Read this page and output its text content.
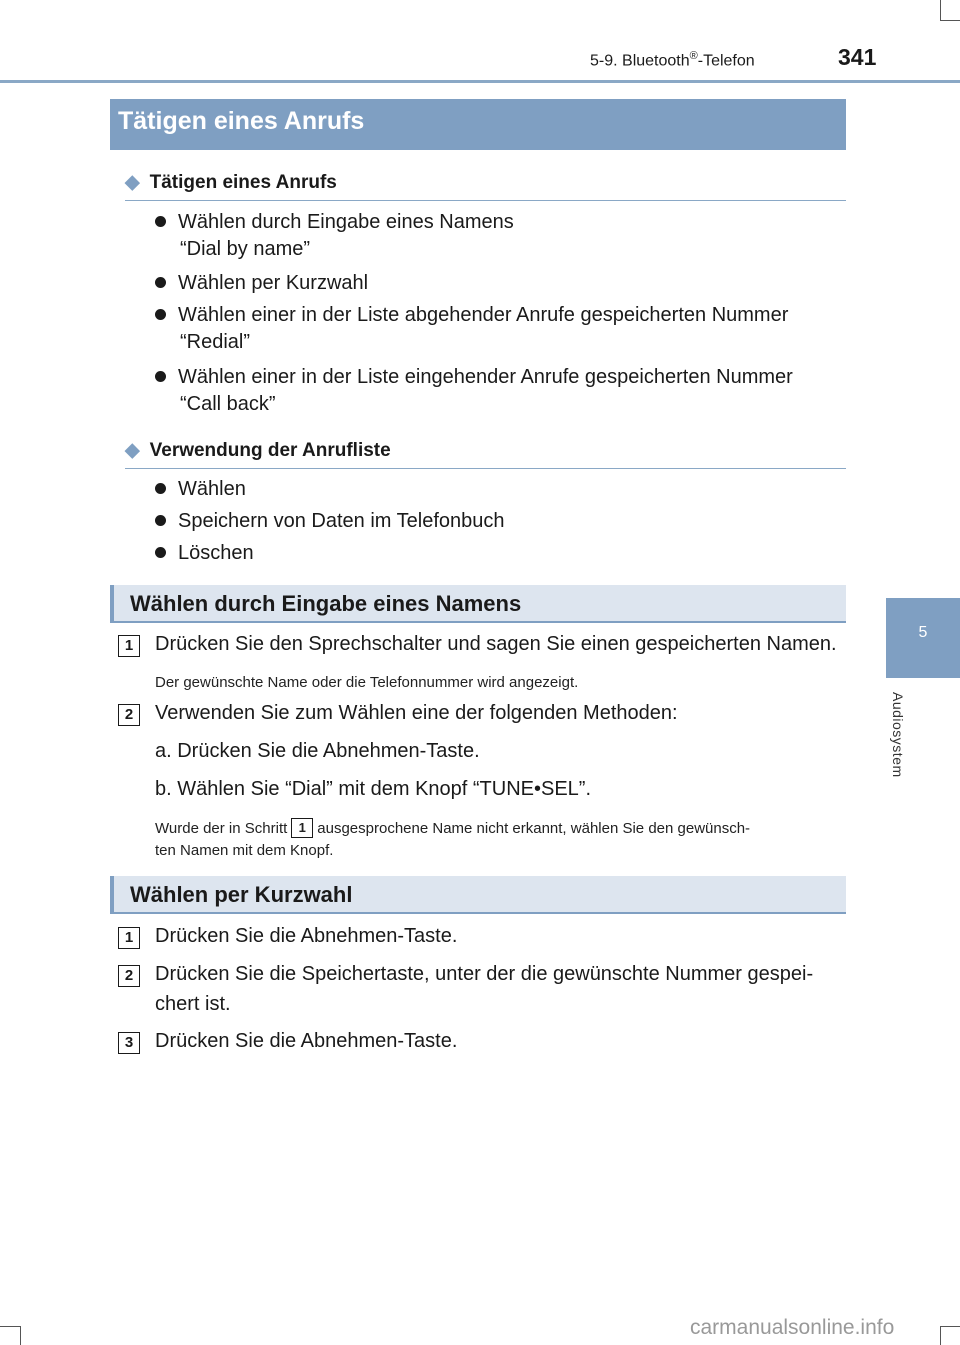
5-9. Bluetooth®-Telefon	341
5
Audiosystem
Tätigen eines Anrufs
◆ Tätigen eines Anrufs
Wählen durch Eingabe eines Namens
“Dial by name”
Wählen per Kurzwahl
Wählen einer in der Liste abgehender Anrufe gespeicherten Nummer
“Redial”
Wählen einer in der Liste eingehender Anrufe gespeicherten Nummer
“Call back”
◆ Verwendung der Anrufliste
Wählen
Speichern von Daten im Telefonbuch
Löschen
Wählen durch Eingabe eines Namens
1	Drücken Sie den Sprechschalter und sagen Sie einen gespeicherten Namen.
Der gewünschte Name oder die Telefonnummer wird angezeigt.
2	Verwenden Sie zum Wählen eine der folgenden Methoden:
a. Drücken Sie die Abnehmen-Taste.
b. Wählen Sie “Dial” mit dem Knopf “TUNE•SEL”.
Wurde der in Schritt 1 ausgesprochene Name nicht erkannt, wählen Sie den gewünsch-
ten Namen mit dem Knopf.
Wählen per Kurzwahl
1	Drücken Sie die Abnehmen-Taste.
2	Drücken Sie die Speichertaste, unter der die gewünschte Nummer gespei-
chert ist.
3	Drücken Sie die Abnehmen-Taste.
carmanualsonline.info
